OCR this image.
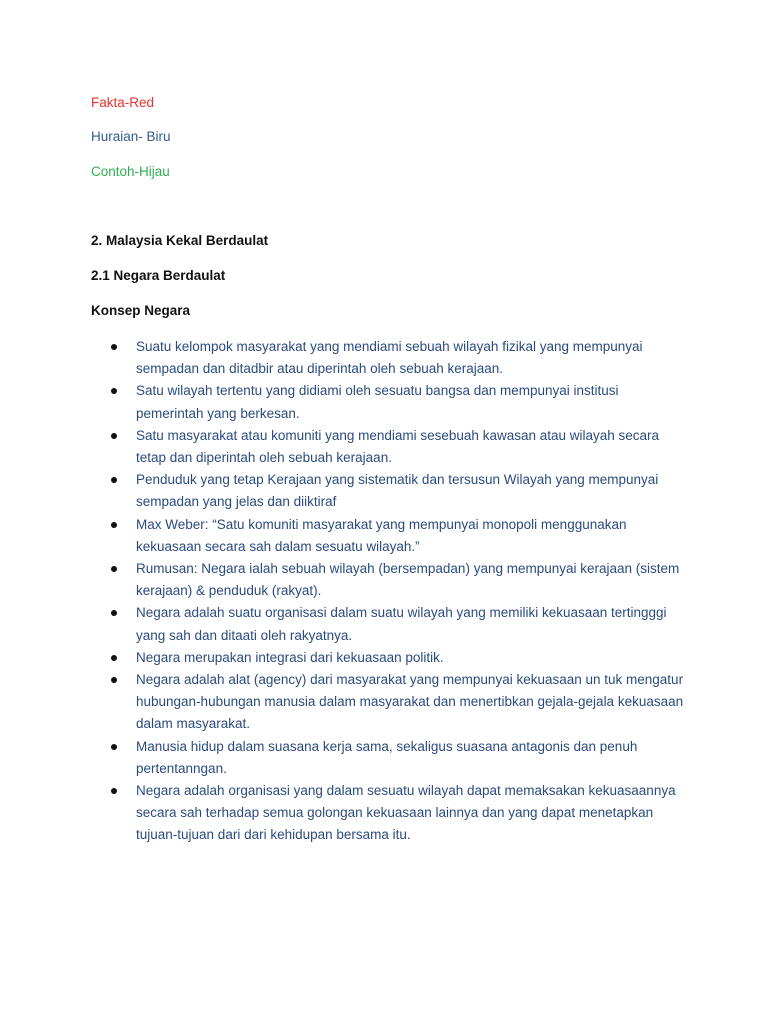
Fakta-Red

Huraian- Biru

Contoh-Hijau

2. Malaysia Kekal Berdaulat

2.1 Negara Berdaulat

Konsep Negara

Suatu kelompok masyarakat yang mendiami sebuah wilayah fizikal yang mempunyai sempadan dan ditadbir atau diperintah oleh sebuah kerajaan.
Satu wilayah tertentu yang didiami oleh sesuatu bangsa dan mempunyai institusi pemerintah yang berkesan.
Satu masyarakat atau komuniti yang mendiami sesebuah kawasan atau wilayah secara tetap dan diperintah oleh sebuah kerajaan.
Penduduk yang tetap Kerajaan yang sistematik dan tersusun Wilayah yang mempunyai sempadan yang jelas dan diiktiraf
Max Weber: “Satu komuniti masyarakat yang mempunyai monopoli menggunakan kekuasaan secara sah dalam sesuatu wilayah.”
Rumusan: Negara ialah sebuah wilayah (bersempadan) yang mempunyai kerajaan (sistem kerajaan) & penduduk (rakyat).
Negara adalah suatu organisasi dalam suatu wilayah yang memiliki kekuasaan tertingggi yang sah dan ditaati oleh rakyatnya.
Negara merupakan integrasi dari kekuasaan politik.
Negara adalah alat (agency) dari masyarakat yang mempunyai kekuasaan un tuk mengatur hubungan-hubungan manusia dalam masyarakat dan menertibkan gejala-gejala kekuasaan dalam masyarakat.
Manusia hidup dalam suasana kerja sama, sekaligus suasana antagonis dan penuh pertentanngan.
Negara adalah organisasi yang dalam sesuatu wilayah dapat memaksakan kekuasaannya secara sah terhadap semua golongan kekuasaan lainnya dan yang dapat menetapkan tujuan-tujuan dari dari kehidupan bersama itu.
